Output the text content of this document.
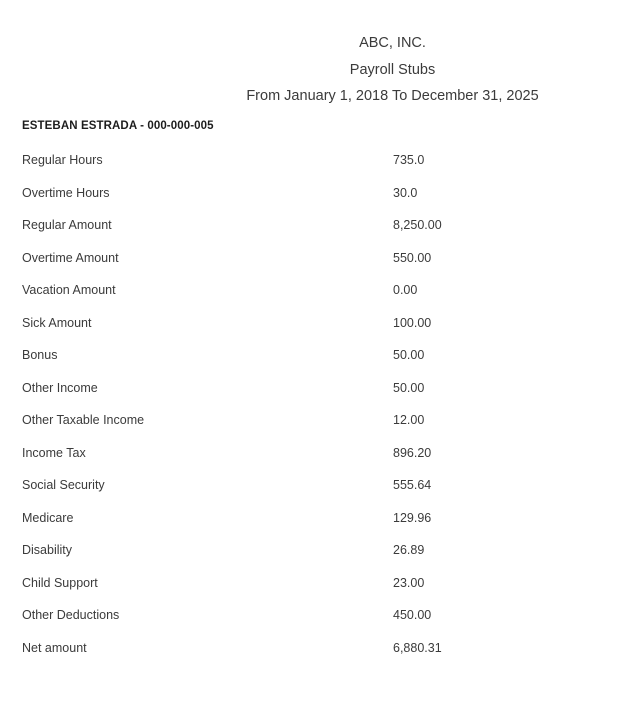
ABC, INC.
Payroll Stubs
From January 1, 2018 To December 31, 2025
ESTEBAN ESTRADA - 000-000-005
Regular Hours	735.0
Overtime Hours	30.0
Regular Amount	8,250.00
Overtime Amount	550.00
Vacation Amount	0.00
Sick Amount	100.00
Bonus	50.00
Other Income	50.00
Other Taxable Income	12.00
Income Tax	896.20
Social Security	555.64
Medicare	129.96
Disability	26.89
Child Support	23.00
Other Deductions	450.00
Net amount	6,880.31
